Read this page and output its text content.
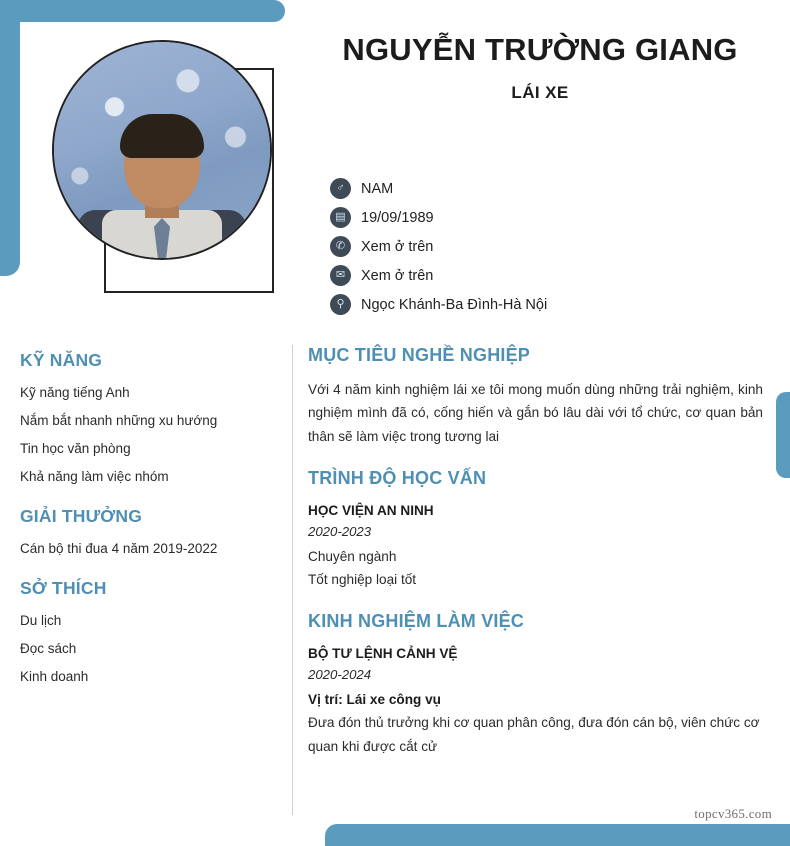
NGUYỄN TRƯỜNG GIANG
LÁI XE
♂	NAM
▤	19/09/1989
✆	Xem ở trên
✉	Xem ở trên
⚲	Ngọc Khánh-Ba Đình-Hà Nội
KỸ NĂNG
Kỹ năng tiếng Anh
Nắm bắt nhanh những xu hướng
Tin học văn phòng
Khả năng làm việc nhóm
GIẢI THƯỞNG
Cán bộ thi đua 4 năm 2019-2022
SỞ THÍCH
Du lịch
Đọc sách
Kinh doanh
MỤC TIÊU NGHỀ NGHIỆP
Với 4 năm kinh nghiệm lái xe tôi mong muốn dùng những trải nghiệm, kinh nghiệm mình đã có, cống hiến và gắn bó lâu dài với tổ chức, cơ quan bản thân sẽ làm việc trong tương lai
TRÌNH ĐỘ HỌC VẤN
HỌC VIỆN AN NINH
2020-2023
Chuyên ngành
Tốt nghiệp loại tốt
KINH NGHIỆM LÀM VIỆC
BỘ TƯ LỆNH CẢNH VỆ
2020-2024
Vị trí: Lái xe công vụ
Đưa đón thủ trưởng khi cơ quan phân công, đưa đón cán bộ, viên chức cơ quan khi được cắt cử
topcv365.com
